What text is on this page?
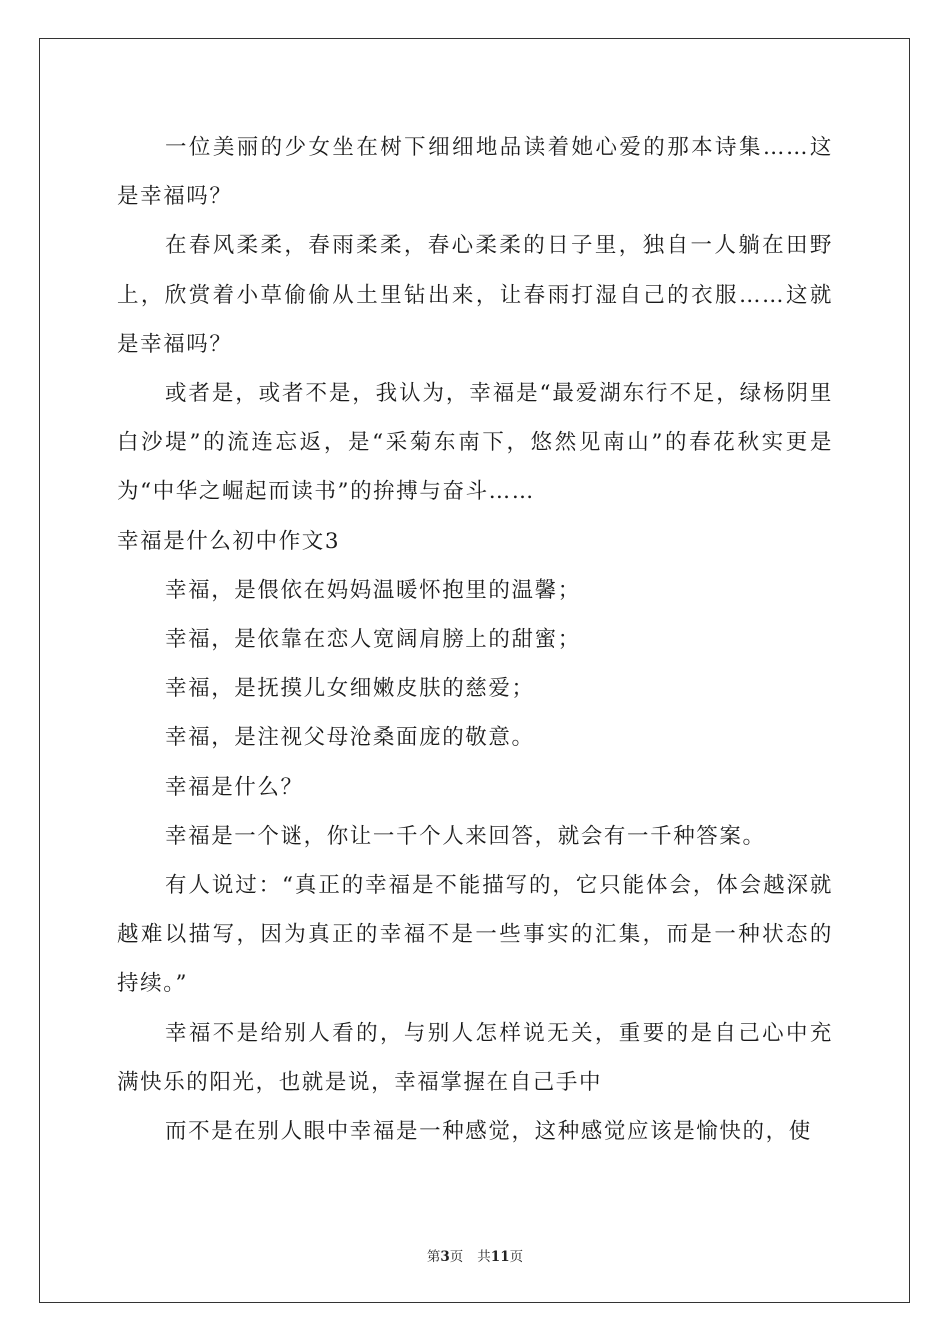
一位美丽的少女坐在树下细细地品读着她心爱的那本诗集……这是幸福吗？

在春风柔柔，春雨柔柔，春心柔柔的日子里，独自一人躺在田野上，欣赏着小草偷偷从土里钻出来，让春雨打湿自己的衣服……这就是幸福吗？

或者是，或者不是，我认为，幸福是“最爱湖东行不足，绿杨阴里白沙堤”的流连忘返，是“采菊东南下，悠然见南山”的春花秋实更是为“中华之崛起而读书”的拚搏与奋斗……

幸福是什么初中作文3

幸福，是偎依在妈妈温暖怀抱里的温馨；

幸福，是依靠在恋人宽阔肩膀上的甜蜜；

幸福，是抚摸儿女细嫩皮肤的慈爱；

幸福，是注视父母沧桑面庞的敬意。

幸福是什么？

幸福是一个谜，你让一千个人来回答，就会有一千种答案。

有人说过：“真正的幸福是不能描写的，它只能体会，体会越深就越难以描写，因为真正的幸福不是一些事实的汇集，而是一种状态的持续。”

幸福不是给别人看的，与别人怎样说无关，重要的是自己心中充满快乐的阳光，也就是说，幸福掌握在自己手中

而不是在别人眼中幸福是一种感觉，这种感觉应该是愉快的，使

第3页 共11页
